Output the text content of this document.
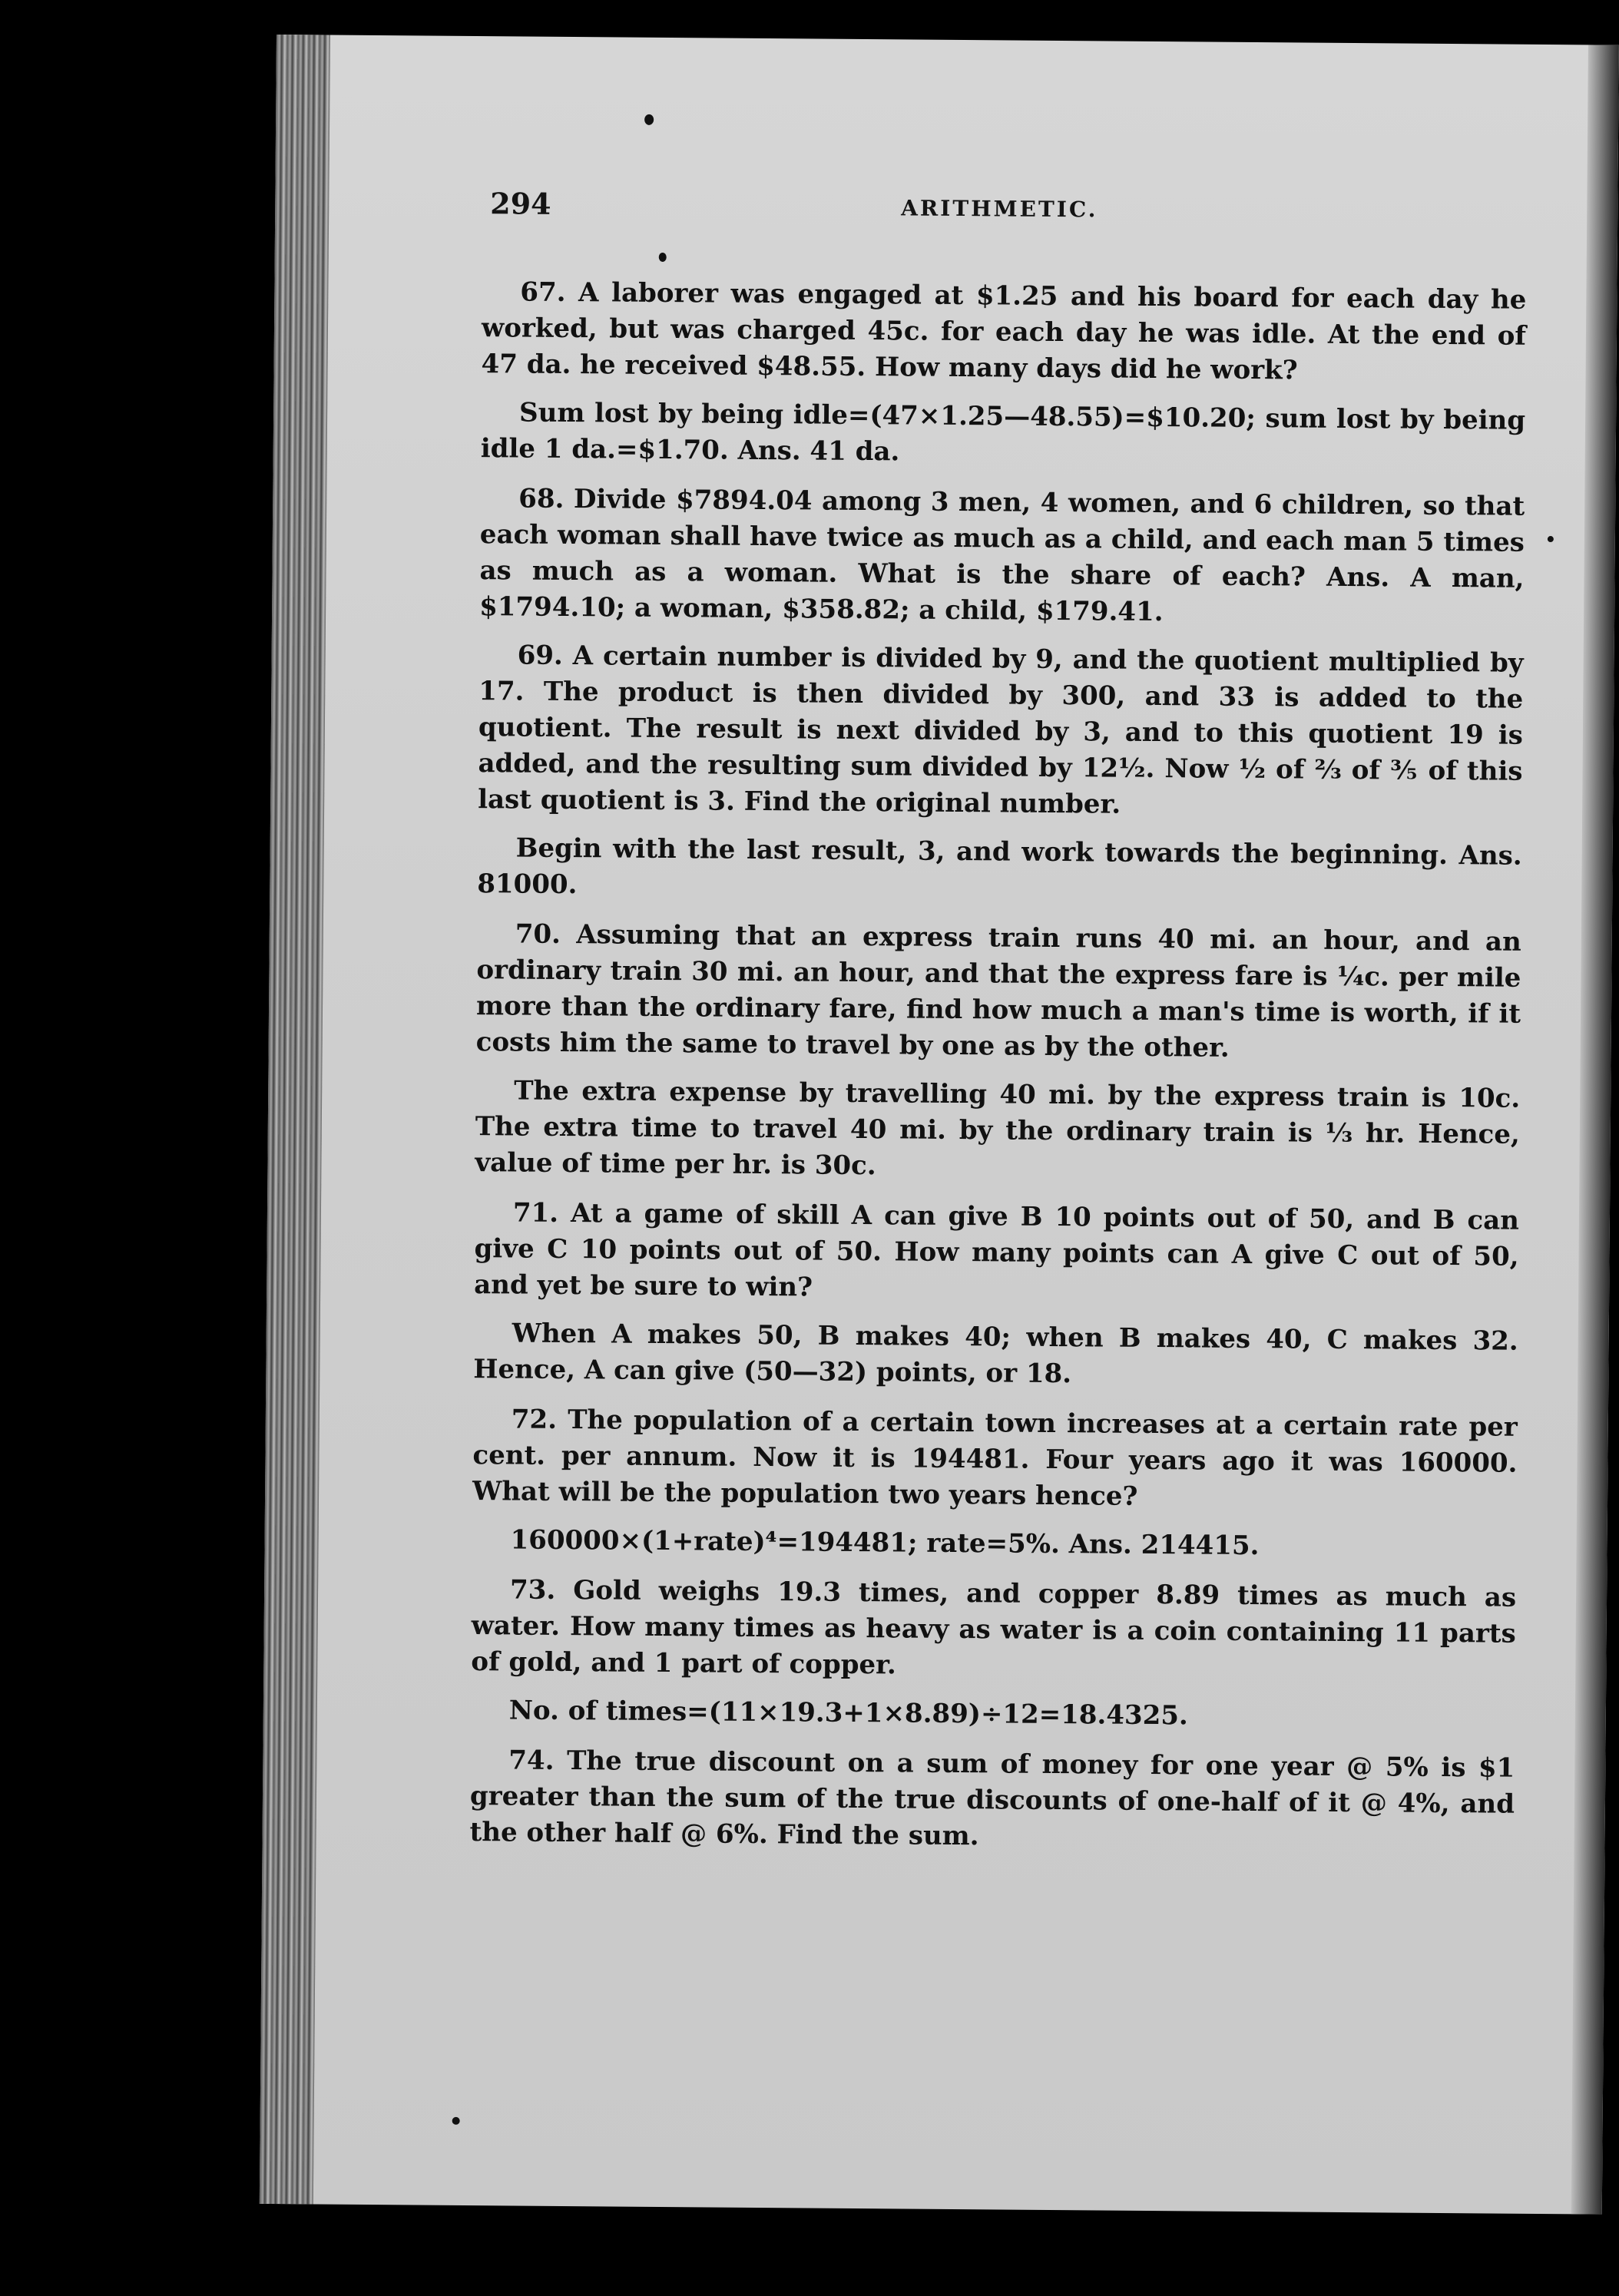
294	ARITHMETIC.

67. A laborer was engaged at $1.25 and his board for each day he worked, but was charged 45c. for each day he was idle. At the end of 47 da. he received $48.55. How many days did he work?

Sum lost by being idle=(47×1.25—48.55)=$10.20; sum lost by being idle 1 da.=$1.70. Ans. 41 da.

68. Divide $7894.04 among 3 men, 4 women, and 6 children, so that each woman shall have twice as much as a child, and each man 5 times as much as a woman. What is the share of each? Ans. A man, $1794.10; a woman, $358.82; a child, $179.41.

69. A certain number is divided by 9, and the quotient multiplied by 17. The product is then divided by 300, and 33 is added to the quotient. The result is next divided by 3, and to this quotient 19 is added, and the resulting sum divided by 12½. Now ½ of ⅔ of ⅗ of this last quotient is 3. Find the original number.

Begin with the last result, 3, and work towards the beginning. Ans. 81000.

70. Assuming that an express train runs 40 mi. an hour, and an ordinary train 30 mi. an hour, and that the express fare is ¼c. per mile more than the ordinary fare, find how much a man's time is worth, if it costs him the same to travel by one as by the other.

The extra expense by travelling 40 mi. by the express train is 10c. The extra time to travel 40 mi. by the ordinary train is ⅓ hr. Hence, value of time per hr. is 30c.

71. At a game of skill A can give B 10 points out of 50, and B can give C 10 points out of 50. How many points can A give C out of 50, and yet be sure to win?

When A makes 50, B makes 40; when B makes 40, C makes 32. Hence, A can give (50—32) points, or 18.

72. The population of a certain town increases at a certain rate per cent. per annum. Now it is 194481. Four years ago it was 160000. What will be the population two years hence?

160000×(1+rate)⁴=194481; rate=5%. Ans. 214415.

73. Gold weighs 19.3 times, and copper 8.89 times as much as water. How many times as heavy as water is a coin containing 11 parts of gold, and 1 part of copper.

No. of times=(11×19.3+1×8.89)÷12=18.4325.

74. The true discount on a sum of money for one year @ 5% is $1 greater than the sum of the true discounts of one-half of it @ 4%, and the other half @ 6%. Find the sum.
